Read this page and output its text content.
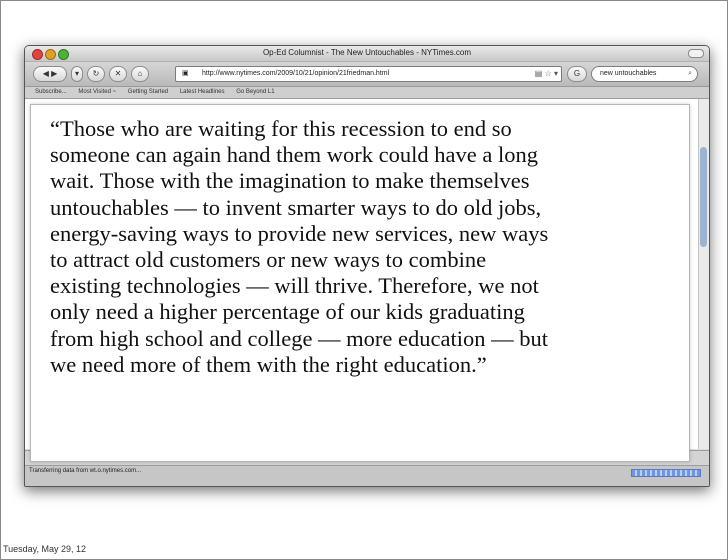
Op-Ed Columnist - The New Untouchables - NYTimes.com
◀ ▶	▾	↻	✕	⌂	▣ http://www.nytimes.com/2009/10/21/opinion/21friedman.html	▤ ☆ ▾	G	new untouchables	⌕
Subscribe... Most Visited ~ Getting Started Latest Headlines Go Beyond L1
Transferring data from wt.o.nytimes.com...

“Those who are waiting for this recession to end so
someone can again hand them work could have a long
wait. Those with the imagination to make themselves
untouchables — to invent smarter ways to do old jobs,
energy-saving ways to provide new services, new ways
to attract old customers or new ways to combine
existing technologies — will thrive. Therefore, we not
only need a higher percentage of our kids graduating
from high school and college — more education — but
we need more of them with the right education.”

Tuesday, May 29, 12
